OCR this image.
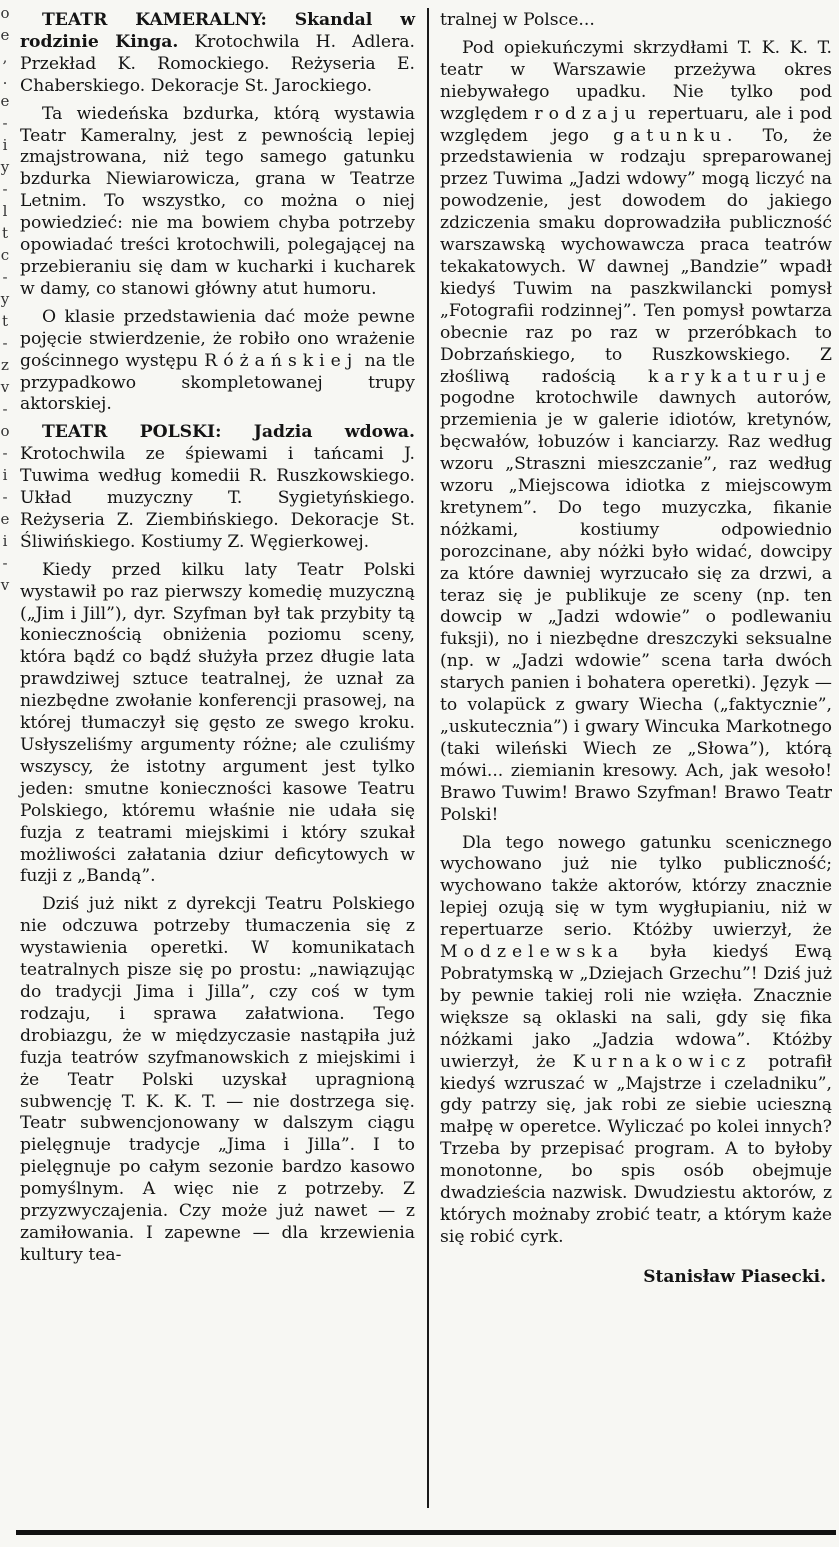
o
e
,
.
e
-
i
y
-
l
t
c
-
y
t
-
z
v
-
o
-
i
-
e
i
-
v

TEATR KAMERALNY: Skandal w rodzinie Kinga. Krotochwila H. Adlera. Przekład K. Romockiego. Reżyseria E. Chaberskiego. Dekoracje St. Jarockiego.

Ta wiedeńska bzdurka, którą wystawia Teatr Kameralny, jest z pewnością lepiej zmajstrowana, niż tego samego gatunku bzdurka Niewiarowicza, grana w Teatrze Letnim. To wszystko, co można o niej powiedzieć: nie ma bowiem chyba potrzeby opowiadać treści krotochwili, polegającej na przebieraniu się dam w kucharki i kucharek w damy, co stanowi główny atut humoru.

O klasie przedstawienia dać może pewne pojęcie stwierdzenie, że robiło ono wrażenie gościnnego występu Różańskiej na tle przypadkowo skompletowanej trupy aktorskiej.

TEATR POLSKI: Jadzia wdowa. Krotochwila ze śpiewami i tańcami J. Tuwima według komedii R. Ruszkowskiego. Układ muzyczny T. Sygietyńskiego. Reżyseria Z. Ziembińskiego. Dekoracje St. Śliwińskiego. Kostiumy Z. Węgierkowej.

Kiedy przed kilku laty Teatr Polski wystawił po raz pierwszy komedię muzyczną („Jim i Jill”), dyr. Szyfman był tak przybity tą koniecznością obniżenia poziomu sceny, która bądź co bądź służyła przez długie lata prawdziwej sztuce teatralnej, że uznał za niezbędne zwołanie konferencji prasowej, na której tłumaczył się gęsto ze swego kroku. Usłyszeliśmy argumenty różne; ale czuliśmy wszyscy, że istotny argument jest tylko jeden: smutne konieczności kasowe Teatru Polskiego, któremu właśnie nie udała się fuzja z teatrami miejskimi i który szukał możliwości załatania dziur deficytowych w fuzji z „Bandą”.

Dziś już nikt z dyrekcji Teatru Polskiego nie odczuwa potrzeby tłumaczenia się z wystawienia operetki. W komunikatach teatralnych pisze się po prostu: „nawiązując do tradycji Jima i Jilla”, czy coś w tym rodzaju, i sprawa załatwiona. Tego drobiazgu, że w międzyczasie nastąpiła już fuzja teatrów szyfmanowskich z miejskimi i że Teatr Polski uzyskał upragnioną subwencję T. K. K. T. — nie dostrzega się. Teatr subwencjonowany w dalszym ciągu pielęgnuje tradycje „Jima i Jilla”. I to pielęgnuje po całym sezonie bardzo kasowo pomyślnym. A więc nie z potrzeby. Z przyzwyczajenia. Czy może już nawet — z zamiłowania. I zapewne — dla krzewienia kultury tea-

tralnej w Polsce...

Pod opiekuńczymi skrzydłami T. K. K. T. teatr w Warszawie przeżywa okres niebywałego upadku. Nie tylko pod względem rodzaju repertuaru, ale i pod względem jego gatunku. To, że przedstawienia w rodzaju spreparowanej przez Tuwima „Jadzi wdowy” mogą liczyć na powodzenie, jest dowodem do jakiego zdziczenia smaku doprowadziła publiczność warszawską wychowawcza praca teatrów tekakatowych. W dawnej „Bandzie” wpadł kiedyś Tuwim na paszkwilancki pomysł „Fotografii rodzinnej”. Ten pomysł powtarza obecnie raz po raz w przeróbkach to Dobrzańskiego, to Ruszkowskiego. Z złośliwą radością karykaturuje pogodne krotochwile dawnych autorów, przemienia je w galerie idiotów, kretynów, bęcwałów, łobuzów i kanciarzy. Raz według wzoru „Straszni mieszczanie”, raz według wzoru „Miejscowa idiotka z miejscowym kretynem”. Do tego muzyczka, fikanie nóżkami, kostiumy odpowiednio porozcinane, aby nóżki było widać, dowcipy za które dawniej wyrzucało się za drzwi, a teraz się je publikuje ze sceny (np. ten dowcip w „Jadzi wdowie” o podlewaniu fuksji), no i niezbędne dreszczyki seksualne (np. w „Jadzi wdowie” scena tarła dwóch starych panien i bohatera operetki). Język — to volapück z gwary Wiecha („faktycznie”, „uskuteczniа”) i gwary Wincuka Markotnego (taki wileński Wiech ze „Słowa”), którą mówi... ziemianin kresowy. Ach, jak wesoło! Brawo Tuwim! Brawo Szyfman! Brawo Teatr Polski!

Dla tego nowego gatunku scenicznego wychowano już nie tylko publiczność; wychowano także aktorów, którzy znacznie lepiej ozują się w tym wygłupianiu, niż w repertuarze serio. Któżby uwierzył, że Modzelewska była kiedyś Ewą Pobratymską w „Dziejach Grzechu”! Dziś już by pewnie takiej roli nie wzięła. Znacznie większe są oklaski na sali, gdy się fika nóżkami jako „Jadzia wdowa”. Któżby uwierzył, że Kurnakowicz potrafił kiedyś wzruszać w „Majstrze i czeladniku”, gdy patrzy się, jak robi ze siebie ucieszną małpę w operetce. Wyliczać po kolei innych? Trzeba by przepisać program. A to byłoby monotonne, bo spis osób obejmuje dwadzieścia nazwisk. Dwudziestu aktorów, z których możnaby zrobić teatr, a którym każe się robić cyrk.

Stanisław Piasecki.
